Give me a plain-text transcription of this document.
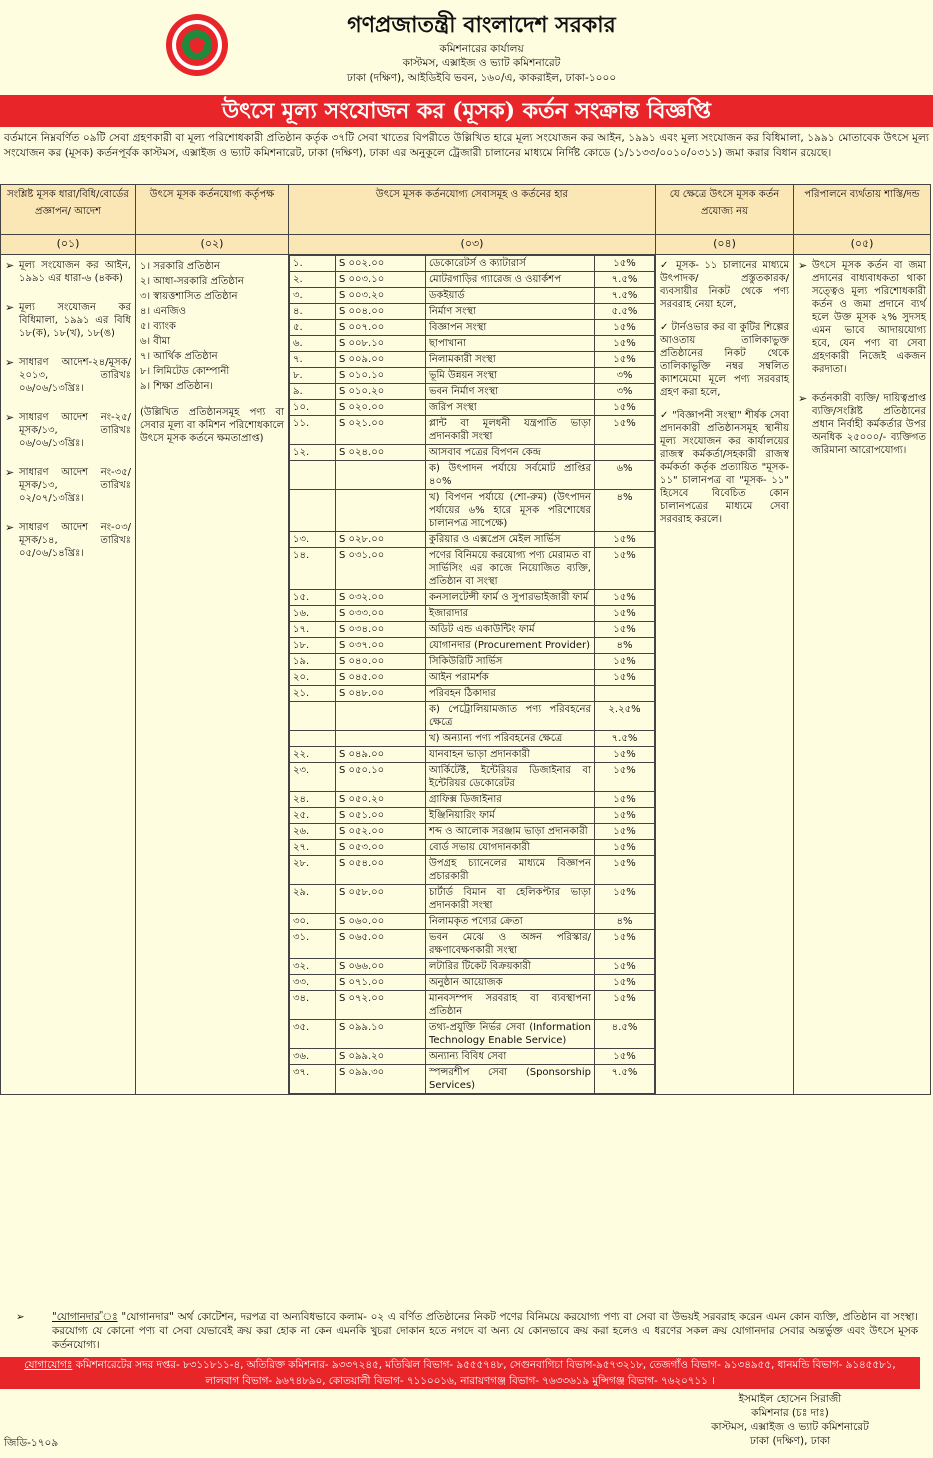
গণপ্রজাতন্ত্রী বাংলাদেশ সরকার
কমিশনারের কার্যালয়
কাস্টমস, এক্সাইজ ও ভ্যাট কমিশনারেট
ঢাকা (দক্ষিণ), আইডিইবি ভবন, ১৬০/এ, কাকরাইল, ঢাকা-১০০০
উৎসে মূল্য সংযোজন কর (মূসক) কর্তন সংক্রান্ত বিজ্ঞপ্তি
বর্তমানে নিম্নবর্ণিত ০৯টি সেবা গ্রহণকারী বা মূল্য পরিশোধকারী প্রতিষ্ঠান কর্তৃক ৩৭টি সেবা খাতের বিপরীতে উল্লিখিত হারে মূল্য সংযোজন কর আইন, ১৯৯১ এবং মূল্য সংযোজন কর বিধিমালা, ১৯৯১ মোতাবেক উৎসে মূল্য সংযোজন কর (মূসক) কর্তনপূর্বক কাস্টমস, এক্সাইজ ও ভ্যাট কমিশনারেট, ঢাকা (দক্ষিণ), ঢাকা এর অনুকূলে ট্রেজারী চালানের মাধ্যমে নির্দিষ্ট কোডে (১/১১৩৩/০০১০/০৩১১) জমা করার বিধান রয়েছে।
সংশ্লিষ্ট মূসক ধারা/বিধি/বোর্ডের প্রজ্ঞাপন/ আদেশ	উৎসে মূসক কর্তনযোগ্য কর্তৃপক্ষ	উৎসে মূসক কর্তনযোগ্য সেবাসমূহ ও কর্তনের হার	যে ক্ষেত্রে উৎসে মূসক কর্তন প্রযোজ্য নয়	পরিপালনে ব্যর্থতায় শাস্তি/দন্ড
(০১)	(০২)	(০৩)	(০৪)	(০৫)

➢ মূল্য সংযোজন কর আইন, ১৯৯১ এর ধারা-৬ (৪কক)
➢ মূল্য সংযোজন কর বিধিমালা, ১৯৯১ এর বিধি ১৮(ক), ১৮(খ), ১৮(ঙ)
➢ সাধারণ আদেশ-২৪/মূসক/২০১৩, তারিখঃ ০৬/০৬/১৩খ্রিঃ।
➢ সাধারণ আদেশ নং-২৫/মূসক/১৩, তারিখঃ ০৬/০৬/১৩খ্রিঃ।
➢ সাধারণ আদেশ নং-৩৫/মূসক/১৩, তারিখঃ ০২/০৭/১৩খ্রিঃ।
➢ সাধারণ আদেশ নং-০৩/মূসক/১৪, তারিখঃ ০৫/০৬/১৪খ্রিঃ।

১। সরকারি প্রতিষ্ঠান
২। আধা-সরকারি প্রতিষ্ঠান
৩। স্বায়ত্তশাসিত প্রতিষ্ঠান
৪। এনজিও
৫। ব্যাংক
৬। বীমা
৭। আর্থিক প্রতিষ্ঠান
৮। লিমিটেড কোম্পানী
৯। শিক্ষা প্রতিষ্ঠান।
(উল্লিখিত প্রতিষ্ঠানসমূহ পণ্য বা সেবার মূল্য বা কমিশন পরিশোধকালে উৎসে মূসক কর্তনে ক্ষমতাপ্রাপ্ত)

১.	S ০০২.০০	ডেকোরেটর্স ও ক্যাটারার্স	১৫%
২.	S ০০৩.১০	মোটরগাড়ির গ্যারেজ ও ওয়ার্কশপ	৭.৫%
৩.	S ০০৩.২০	ডকইয়ার্ড	৭.৫%
৪.	S ০০৪.০০	নির্মাণ সংস্থা	৫.৫%
৫.	S ০০৭.০০	বিজ্ঞাপন সংস্থা	১৫%
৬.	S ০০৮.১০	ছাপাখানা	১৫%
৭.	S ০০৯.০০	নিলামকারী সংস্থা	১৫%
৮.	S ০১০.১০	ভূমি উন্নয়ন সংস্থা	৩%
৯.	S ০১০.২০	ভবন নির্মাণ সংস্থা	৩%
১০.	S ০২০.০০	জরিপ সংস্থা	১৫%
১১.	S ০২১.০০	প্লান্ট বা মূলধনী যন্ত্রপাতি ভাড়া প্রদানকারী সংস্থা	১৫%
১২.	S ০২৪.০০	আসবাব পত্রের বিপণন কেন্দ্র	
		ক) উৎপাদন পর্যায়ে সর্বমোট প্রাপ্তির ৪০%	৬%
		খ) বিপণন পর্যায়ে (শো-রুম) (উৎপাদন পর্যায়ের ৬% হারে মূসক পরিশোধের চালানপত্র সাপেক্ষে)	৪%
১৩.	S ০২৮.০০	কুরিয়ার ও এক্সপ্রেস মেইল সার্ভিস	১৫%
১৪.	S ০৩১.০০	পণের বিনিময়ে করযোগ্য পণ্য মেরামত বা সার্ভিসিং এর কাজে নিয়োজিত ব্যক্তি, প্রতিষ্ঠান বা সংস্থা	১৫%
১৫.	S ০৩২.০০	কনসালটেন্সী ফার্ম ও সুপারভাইজারী ফার্ম	১৫%
১৬.	S ০৩৩.০০	ইজারাদার	১৫%
১৭.	S ০৩৪.০০	অডিট এন্ড একাউন্টিং ফার্ম	১৫%
১৮.	S ০৩৭.০০	যোগানদার (Procurement Provider)	৪%
১৯.	S ০৪০.০০	সিকিউরিটি সার্ভিস	১৫%
২০.	S ০৪৫.০০	আইন পরামর্শক	১৫%
২১.	S ০৪৮.০০	পরিবহন ঠিকাদার	
		ক) পেট্রোলিয়ামজাত পণ্য পরিবহনের ক্ষেত্রে	২.২৫%
		খ) অন্যান্য পণ্য পরিবহনের ক্ষেত্রে	৭.৫%
২২.	S ০৪৯.০০	যানবাহন ভাড়া প্রদানকারী	১৫%
২৩.	S ০৫০.১০	আর্কিটেক্ট, ইন্টেরিয়র ডিজাইনার বা ইন্টেরিয়র ডেকোরেটর	১৫%
২৪.	S ০৫০.২০	গ্রাফিক্স ডিজাইনার	১৫%
২৫.	S ০৫১.০০	ইঞ্জিনিয়ারিং ফার্ম	১৫%
২৬.	S ০৫২.০০	শব্দ ও আলোক সরঞ্জাম ভাড়া প্রদানকারী	১৫%
২৭.	S ০৫৩.০০	বোর্ড সভায় যোগদানকারী	১৫%
২৮.	S ০৫৪.০০	উপগ্রহ চ্যানেলের মাধ্যমে বিজ্ঞাপন প্রচারকারী	১৫%
২৯.	S ০৫৮.০০	চার্টার্ড বিমান বা হেলিকপ্টার ভাড়া প্রদানকারী সংস্থা	১৫%
৩০.	S ০৬০.০০	নিলামকৃত পণ্যের ক্রেতা	৪%
৩১.	S ০৬৫.০০	ভবন মেঝে ও অঙ্গন পরিস্কার/ রক্ষণাবেক্ষণকারী সংস্থা	১৫%
৩২.	S ০৬৬.০০	লটারির টিকেট বিক্রয়কারী	১৫%
৩৩.	S ০৭১.০০	অনুষ্ঠান আয়োজক	১৫%
৩৪.	S ০৭২.০০	মানবসম্পদ সরবরাহ বা ব্যবস্থাপনা প্রতিষ্ঠান	১৫%
৩৫.	S ০৯৯.১০	তথ্য-প্রযুক্তি নির্ভর সেবা (Information Technology Enable Service)	৪.৫%
৩৬.	S ০৯৯.২০	অন্যান্য বিবিধ সেবা	১৫%
৩৭.	S ০৯৯.৩০	স্পন্সরশীপ সেবা (Sponsorship Services)	৭.৫%

✓ মূসক- ১১ চালানের মাধ্যমে উৎপাদক/ প্রস্তুতকারক/ ব্যবসায়ীর নিকট থেকে পণ্য সরবরাহ নেয়া হলে,
✓ টার্নওভার কর বা কুটির শিল্পের আওতায় তালিকাভুক্ত প্রতিষ্ঠানের নিকট থেকে তালিকাভুক্তি নম্বর সম্বলিত ক্যাশমেমো মূলে পণ্য সরবরাহ গ্রহণ করা হলে,
✓ "বিজ্ঞাপনী সংস্থা" শীর্ষক সেবা প্রদানকারী প্রতিষ্ঠানসমূহ স্থানীয় মূল্য সংযোজন কর কার্যালয়ের রাজস্ব কর্মকর্তা/সহকারী রাজস্ব কর্মকর্তা কর্তৃক প্রত্যায়িত "মূসক- ১১" চালানপত্র বা "মূসক- ১১" হিসেবে বিবেচিত কোন চালানপত্রের মাধ্যমে সেবা সরবরাহ করলে।

➢ উৎসে মূসক কর্তন বা জমা প্রদানের বাধ্যবাধকতা থাকা সত্ত্বেও মূল্য পরিশোধকারী কর্তন ও জমা প্রদানে ব্যর্থ হলে উক্ত মূসক ২% সুদসহ এমন ভাবে আদায়যোগ্য হবে, যেন পণ্য বা সেবা গ্রহণকারী নিজেই একজন করদাতা।
➢ কর্তনকারী ব্যক্তি/ দায়িত্বপ্রাপ্ত ব্যক্তি/সংশ্লিষ্ট প্রতিষ্ঠানের প্রধান নির্বাহী কর্মকর্তার উপর অনধিক ২৫০০০/- ব্যক্তিগত জরিমানা আরোপযোগ্য।
➢	"যোগানদার"ঃ "যোগানদার" অর্থ কোটেশন, দরপত্র বা অন্যবিধভাবে কলাম- ০২ এ বর্ণিত প্রতিষ্ঠানের নিকট পণের বিনিময়ে করযোগ্য পণ্য বা সেবা বা উভয়ই সরবরাহ করেন এমন কোন ব্যক্তি, প্রতিষ্ঠান বা সংস্থা। করযোগ্য যে কোনো পণ্য বা সেবা যেভাবেই ক্রয় করা হোক না কেন এমনকি খুচরা দোকান হতে নগদে বা অন্য যে কোনভাবে ক্রয় করা হলেও এ ধরণের সকল ক্রয় যোগানদার সেবার অন্তর্ভুক্ত এবং উৎসে মূসক কর্তনযোগ্য।
যোগাযোগঃ কমিশনারেটের সদর দপ্তর- ৮৩১১৮১১-৪, অতিরিক্ত কমিশনার- ৯৩৩৭২৪৫, মতিঝিল বিভাগ- ৯৫৫৫৭৪৮, সেগুনবাগিচা বিভাগ-৯৫৭৩২১৮, তেজগাঁও বিভাগ- ৯১৩৪৯৫৫, ধানমন্ডি বিভাগ- ৯১৪৫৫৮১,
লালবাগ বিভাগ- ৯৬৭৪৮৯০, কোতয়ালী বিভাগ- ৭১১০০১৬, নারায়ণগঞ্জ বিভাগ- ৭৬৩৩৬১৯ মুন্সিগঞ্জ বিভাগ- ৭৬২০৭১১ ।
ইসমাইল হোসেন সিরাজী
কমিশনার (চঃ দাঃ)
কাস্টমস, এক্সাইজ ও ভ্যাট কমিশনারেট
ঢাকা (দক্ষিণ), ঢাকা
জিডি-১৭০৯
